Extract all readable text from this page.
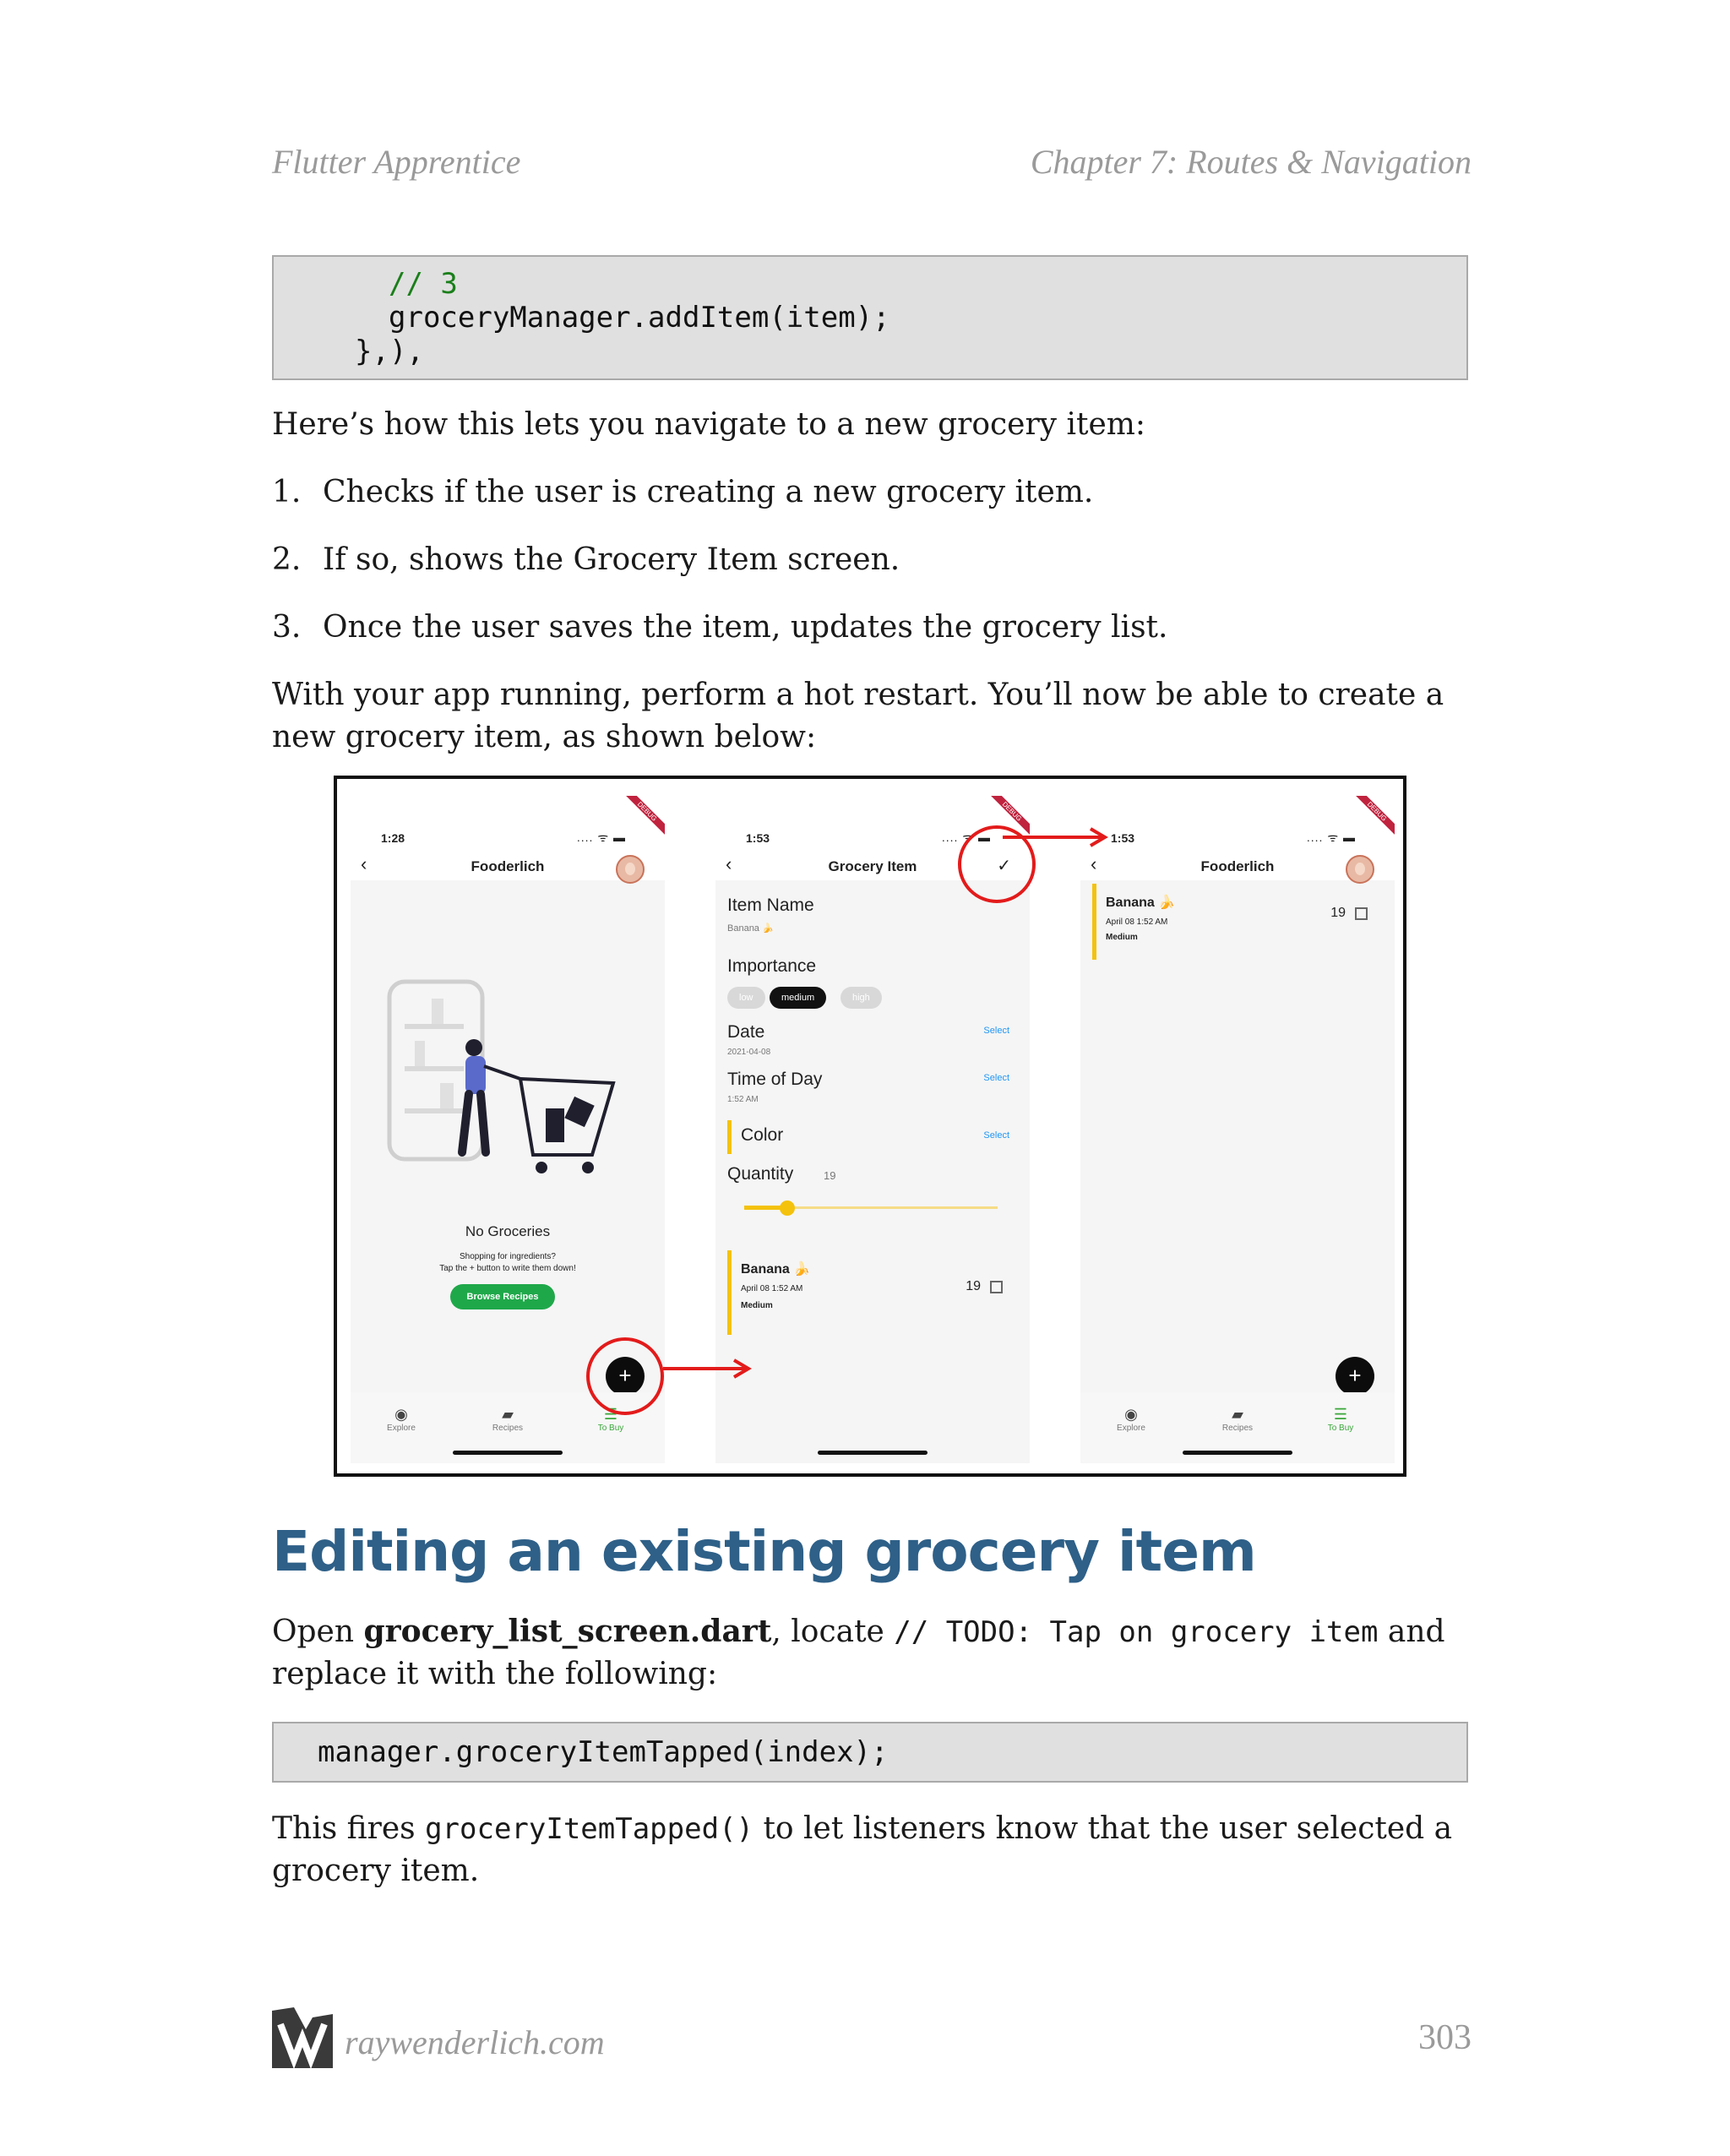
Flutter Apprentice	Chapter 7: Routes & Navigation
// 3
groceryManager.addItem(item);
},),
Here’s how this lets you navigate to a new grocery item:
1. Checks if the user is creating a new grocery item.
2. If so, shows the Grocery Item screen.
3. Once the user saves the item, updates the grocery list.
With your app running, perform a hot restart. You’ll now be able to create a new grocery item, as shown below:
1:28	.... ᯤ ▬
DEBUG
‹	Fooderlich
No Groceries
Shopping for ingredients?
Tap the + button to write them down!
Browse Recipes
+
◉
Explore
▰
Recipes
☰
To Buy
1:53	.... ᯤ ▬
DEBUG
‹	Grocery Item	✓
Item Name
Banana 🍌
Importance
low	medium	high
Date	Select
2021-04-08
Time of Day	Select
1:52 AM
Color	Select
Quantity	19
Banana 🍌
April 08 1:52 AM
Medium
19
1:53	.... ᯤ ▬
DEBUG
‹	Fooderlich
Banana 🍌
April 08 1:52 AM
Medium
19
+
◉
Explore
▰
Recipes
☰
To Buy
Editing an existing grocery item
Open grocery_list_screen.dart, locate // TODO: Tap on grocery item and replace it with the following:
manager.groceryItemTapped(index);
This fires groceryItemTapped() to let listeners know that the user selected a grocery item.
raywenderlich.com	303
